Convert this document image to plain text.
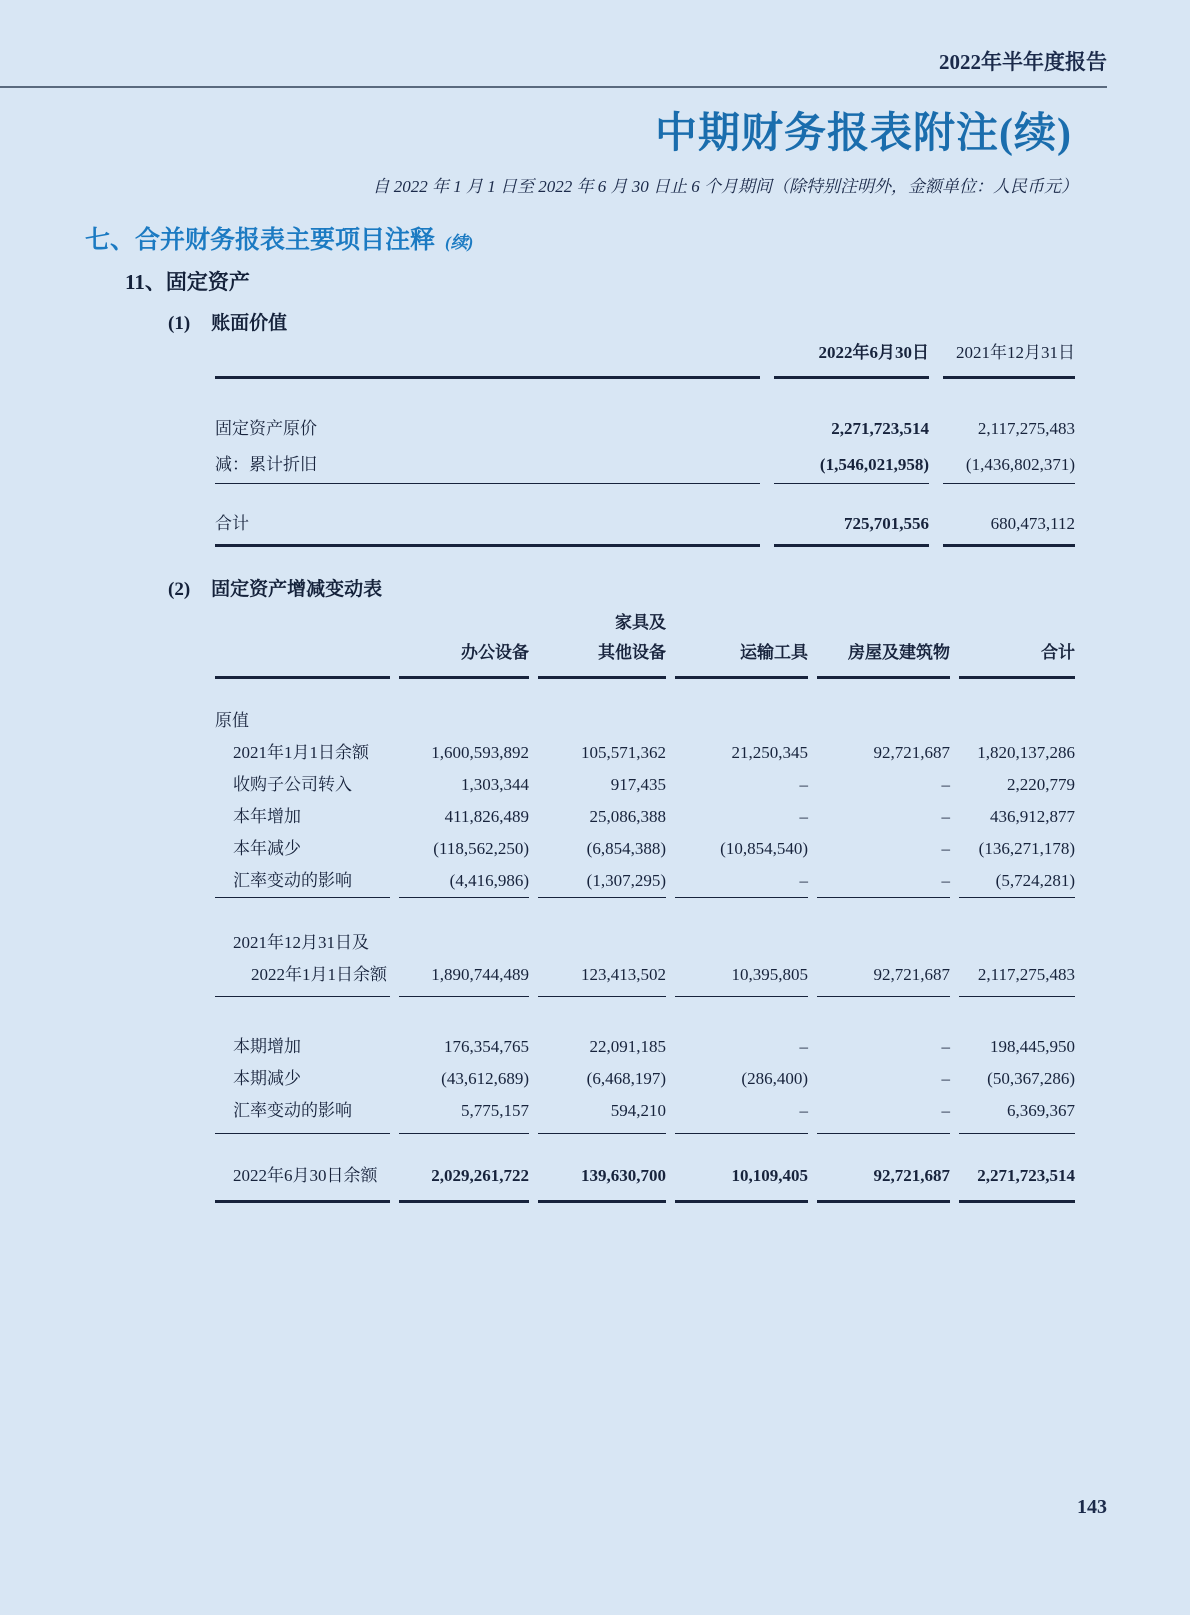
2022年半年度报告
中期财务报表附注(续)
自 2022 年 1 月 1 日至 2022 年 6 月 30 日止 6 个月期间（除特别注明外，金额单位：人民币元）
七、合并财务报表主要项目注释 (续)
11、固定资产
(1) 账面价值
2022年6月30日	2021年12月31日
固定资产原价	2,271,723,514	2,117,275,483
减：累计折旧	(1,546,021,958)	(1,436,802,371)
合计	725,701,556	680,473,112
(2) 固定资产增减变动表
家具及
办公设备	其他设备	运输工具	房屋及建筑物	合计
原值
2021年1月1日余额	1,600,593,892	105,571,362	21,250,345	92,721,687	1,820,137,286
收购子公司转入	1,303,344	917,435	–	–	2,220,779
本年增加	411,826,489	25,086,388	–	–	436,912,877
本年减少	(118,562,250)	(6,854,388)	(10,854,540)	–	(136,271,178)
汇率变动的影响	(4,416,986)	(1,307,295)	–	–	(5,724,281)
2021年12月31日及
2022年1月1日余额	1,890,744,489	123,413,502	10,395,805	92,721,687	2,117,275,483
本期增加	176,354,765	22,091,185	–	–	198,445,950
本期减少	(43,612,689)	(6,468,197)	(286,400)	–	(50,367,286)
汇率变动的影响	5,775,157	594,210	–	–	6,369,367
2022年6月30日余额	2,029,261,722	139,630,700	10,109,405	92,721,687	2,271,723,514
143
